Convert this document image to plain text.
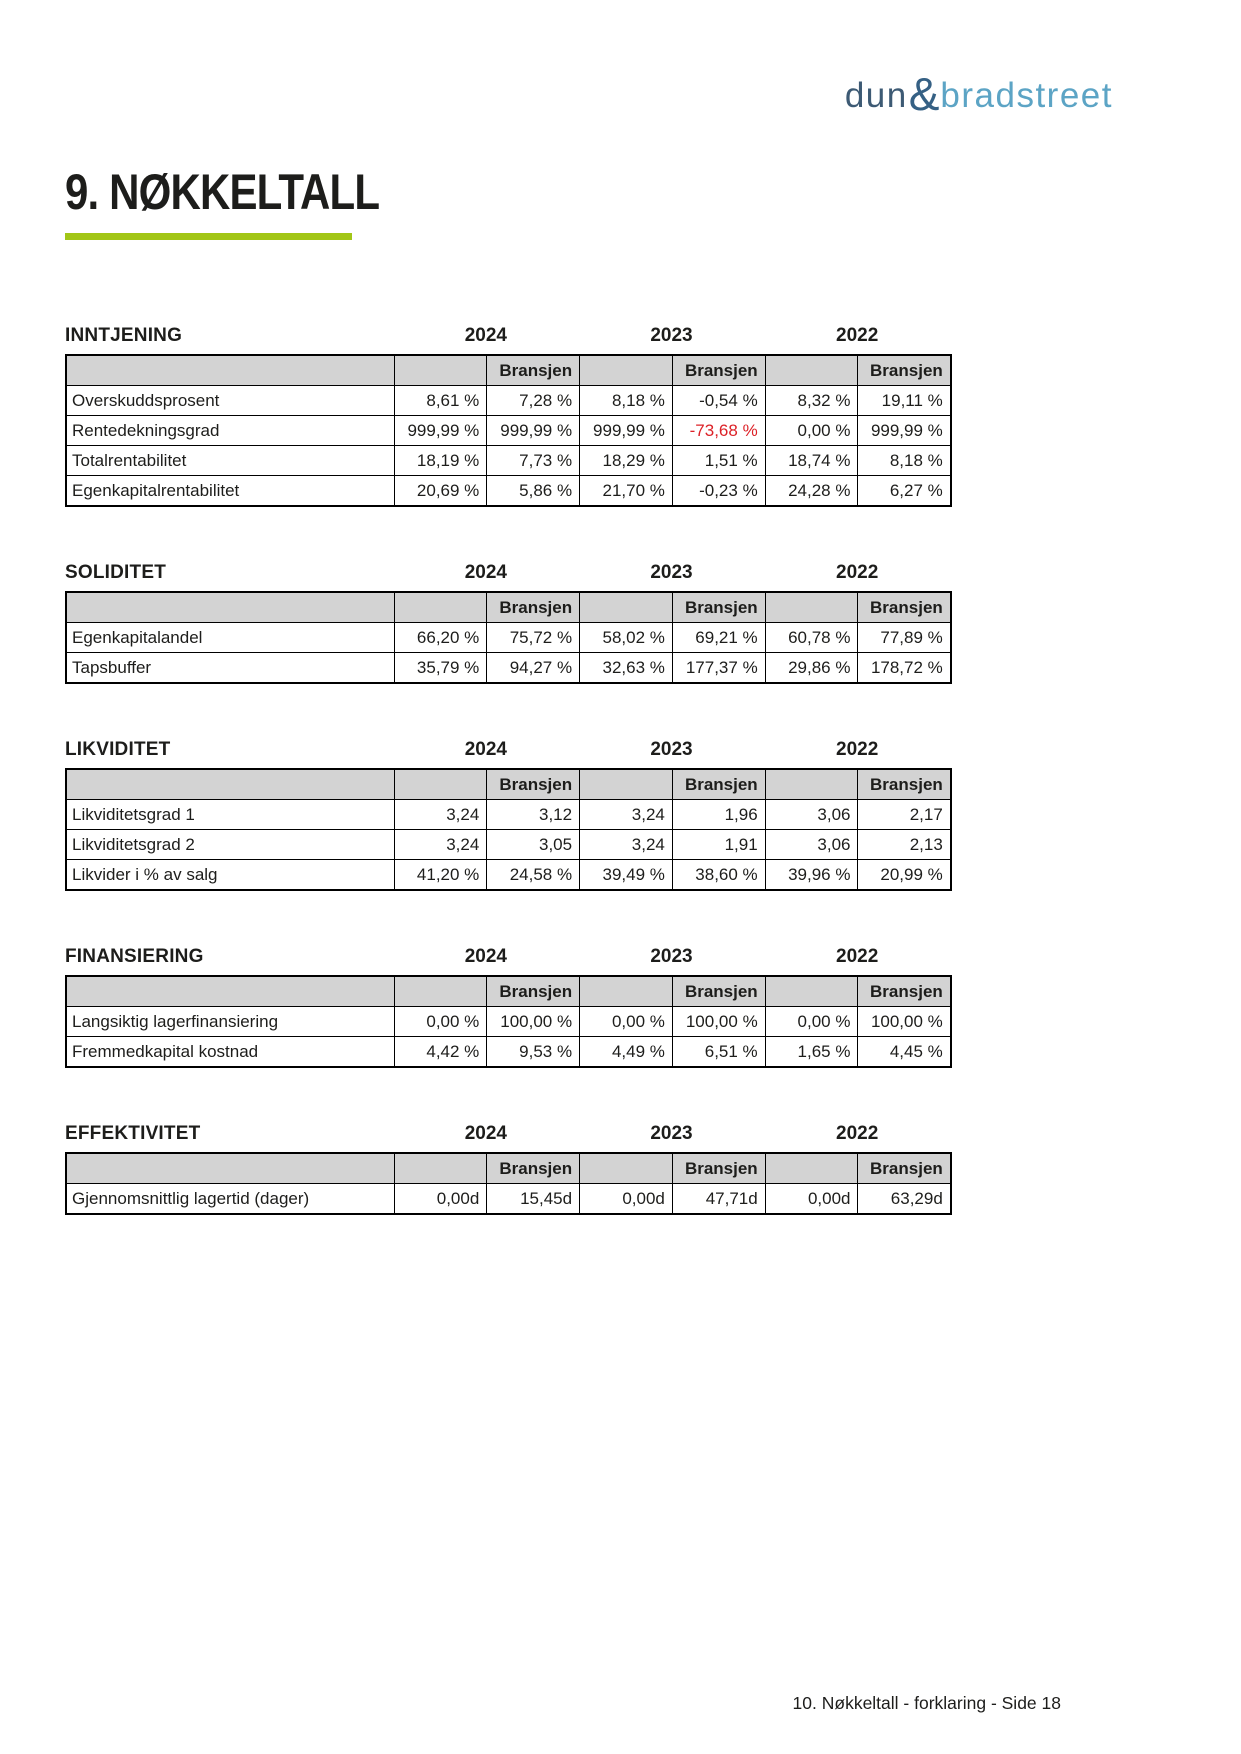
dun & bradstreet
9. NØKKELTALL
INNTJENING	2024	2023	2022
		Bransjen		Bransjen		Bransjen
Overskuddsprosent	8,61 %	7,28 %	8,18 %	-0,54 %	8,32 %	19,11 %
Rentedekningsgrad	999,99 %	999,99 %	999,99 %	-73,68 %	0,00 %	999,99 %
Totalrentabilitet	18,19 %	7,73 %	18,29 %	1,51 %	18,74 %	8,18 %
Egenkapitalrentabilitet	20,69 %	5,86 %	21,70 %	-0,23 %	24,28 %	6,27 %
SOLIDITET	2024	2023	2022
		Bransjen		Bransjen		Bransjen
Egenkapitalandel	66,20 %	75,72 %	58,02 %	69,21 %	60,78 %	77,89 %
Tapsbuffer	35,79 %	94,27 %	32,63 %	177,37 %	29,86 %	178,72 %
LIKVIDITET	2024	2023	2022
		Bransjen		Bransjen		Bransjen
Likviditetsgrad 1	3,24	3,12	3,24	1,96	3,06	2,17
Likviditetsgrad 2	3,24	3,05	3,24	1,91	3,06	2,13
Likvider i % av salg	41,20 %	24,58 %	39,49 %	38,60 %	39,96 %	20,99 %
FINANSIERING	2024	2023	2022
		Bransjen		Bransjen		Bransjen
Langsiktig lagerfinansiering	0,00 %	100,00 %	0,00 %	100,00 %	0,00 %	100,00 %
Fremmedkapital kostnad	4,42 %	9,53 %	4,49 %	6,51 %	1,65 %	4,45 %
EFFEKTIVITET	2024	2023	2022
		Bransjen		Bransjen		Bransjen
Gjennomsnittlig lagertid (dager)	0,00d	15,45d	0,00d	47,71d	0,00d	63,29d
10. Nøkkeltall - forklaring - Side 18
